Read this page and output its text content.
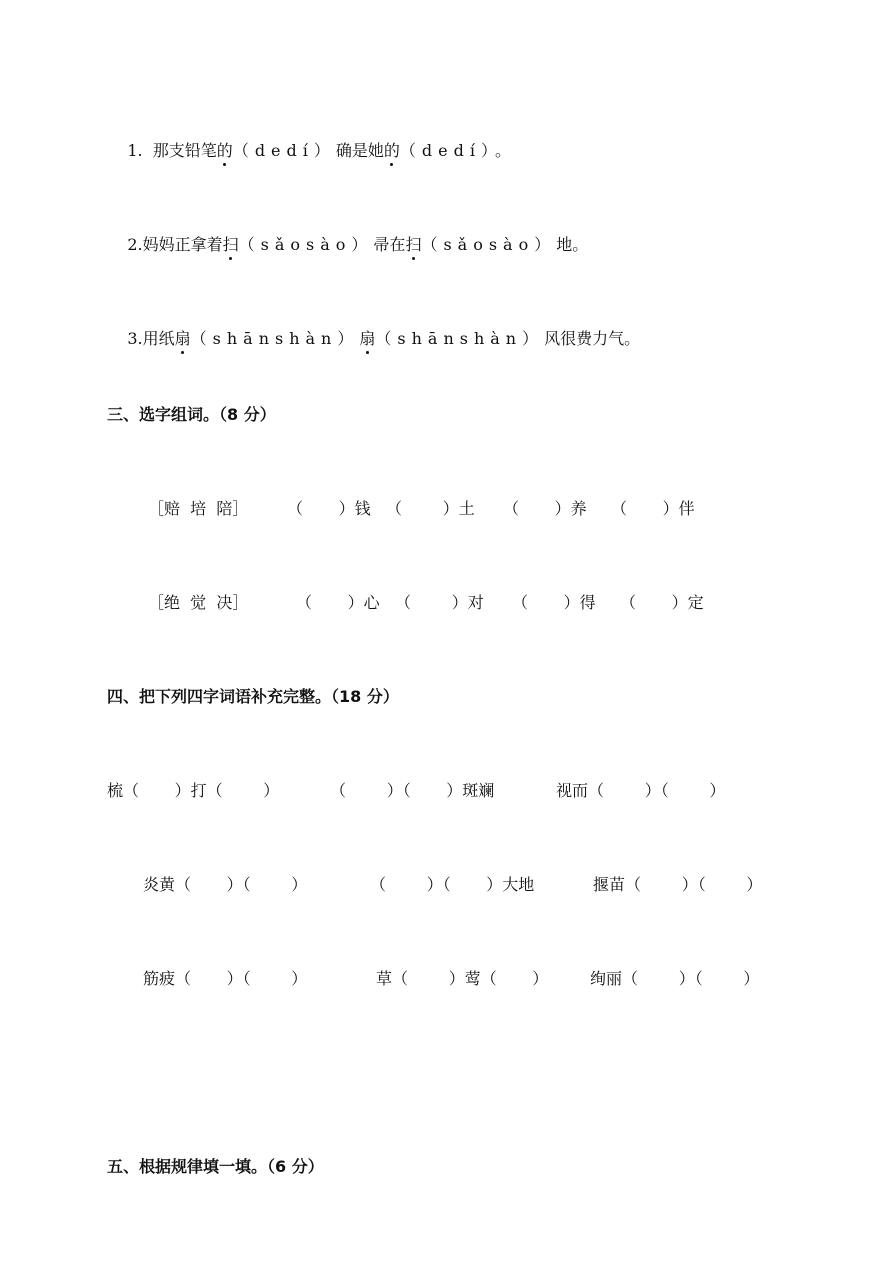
1.  那支铅笔的（dedí）确是她的（dedí）。

2.妈妈正拿着扫（sǎosào）帚在扫（sǎosào）地。

3.用纸扇（shānshàn）扇（shānshàn）风很费力气。

三、选字组词。（8 分）
［赔  培  陪］ （       ）钱 （        ）土 （       ）养 （       ）伴
［绝  觉  决］	（       ）心 （        ）对 （       ）得 （       ）定
四、把下列四字词语补充完整。（18 分）
梳（       ）打（        ）	（        ）（       ）斑斓	视而（        ）（        ）
炎黄（       ）（        ）	（        ）（       ）大地	揠苗（        ）（        ）
筋疲（       ）（        ）	草（        ）莺（       ）	绚丽（        ）（        ）
五、根据规律填一填。（6 分）
